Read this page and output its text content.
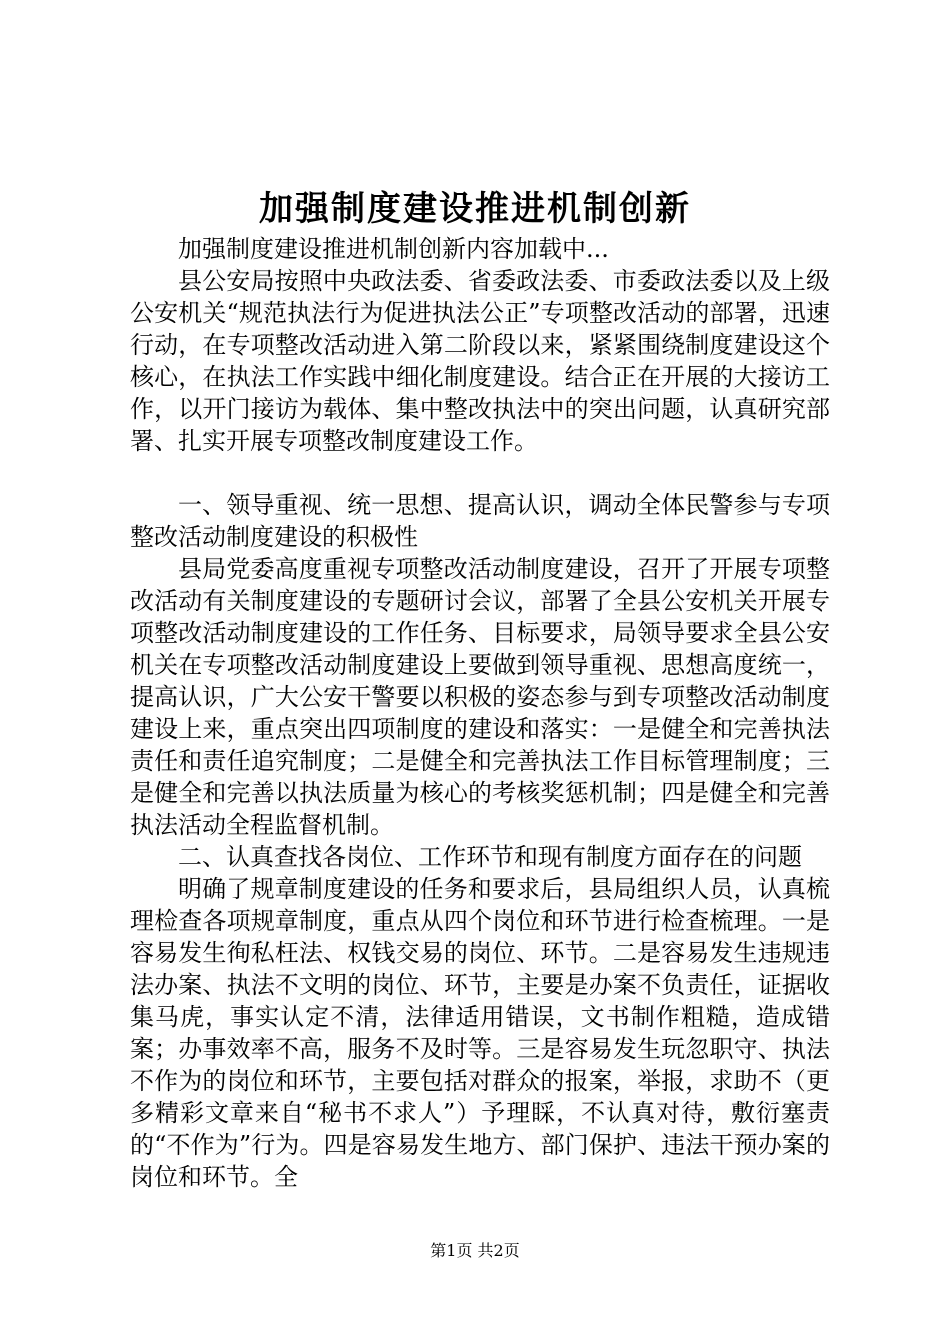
加强制度建设推进机制创新

加强制度建设推进机制创新内容加载中...

县公安局按照中央政法委、省委政法委、市委政法委以及上级公安机关“规范执法行为促进执法公正”专项整改活动的部署，迅速行动，在专项整改活动进入第二阶段以来，紧紧围绕制度建设这个核心，在执法工作实践中细化制度建设。结合正在开展的大接访工作，以开门接访为载体、集中整改执法中的突出问题，认真研究部署、扎实开展专项整改制度建设工作。

一、领导重视、统一思想、提高认识，调动全体民警参与专项整改活动制度建设的积极性

县局党委高度重视专项整改活动制度建设，召开了开展专项整改活动有关制度建设的专题研讨会议，部署了全县公安机关开展专项整改活动制度建设的工作任务、目标要求，局领导要求全县公安机关在专项整改活动制度建设上要做到领导重视、思想高度统一，提高认识，广大公安干警要以积极的姿态参与到专项整改活动制度建设上来，重点突出四项制度的建设和落实：一是健全和完善执法责任和责任追究制度；二是健全和完善执法工作目标管理制度；三是健全和完善以执法质量为核心的考核奖惩机制；四是健全和完善执法活动全程监督机制。

二、认真查找各岗位、工作环节和现有制度方面存在的问题

明确了规章制度建设的任务和要求后，县局组织人员，认真梳理检查各项规章制度，重点从四个岗位和环节进行检查梳理。一是容易发生徇私枉法、权钱交易的岗位、环节。二是容易发生违规违法办案、执法不文明的岗位、环节，主要是办案不负责任，证据收集马虎，事实认定不清，法律适用错误，文书制作粗糙，造成错案；办事效率不高，服务不及时等。三是容易发生玩忽职守、执法不作为的岗位和环节，主要包括对群众的报案，举报，求助不（更多精彩文章来自“秘书不求人”）予理睬，不认真对待，敷衍塞责的“不作为”行为。四是容易发生地方、部门保护、违法干预办案的岗位和环节。全

第1页 共2页
